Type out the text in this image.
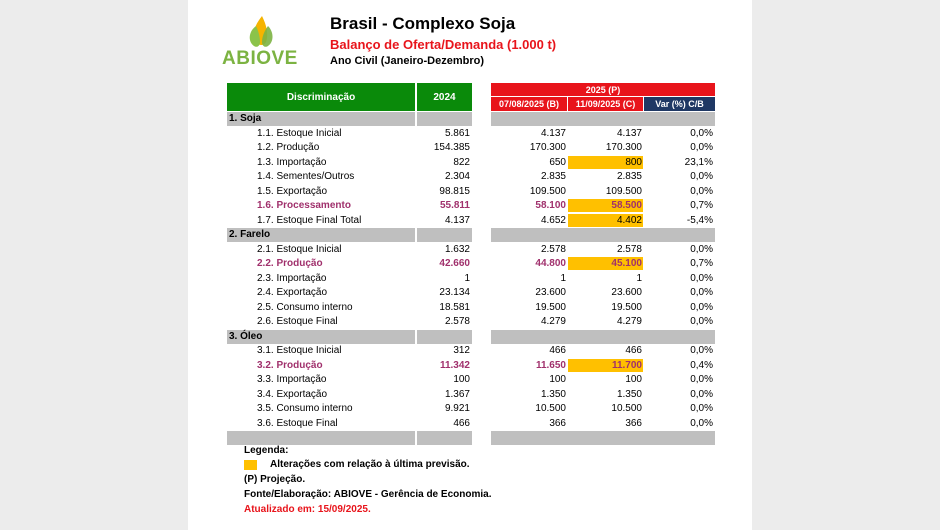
ABIOVE
Brasil - Complexo Soja
Balanço de Oferta/Demanda (1.000 t)
Ano Civil (Janeiro-Dezembro)
Discriminação	2024
2025 (P)
07/08/2025 (B)	11/09/2025 (C)	Var (%) C/B
1. Soja
1.1. Estoque Inicial	5.861	4.137	4.137	0,0%
1.2. Produção	154.385	170.300	170.300	0,0%
1.3. Importação	822	650	800	23,1%
1.4. Sementes/Outros	2.304	2.835	2.835	0,0%
1.5. Exportação	98.815	109.500	109.500	0,0%
1.6. Processamento	55.811	58.100	58.500	0,7%
1.7. Estoque Final Total	4.137	4.652	4.402	-5,4%
2. Farelo
2.1. Estoque Inicial	1.632	2.578	2.578	0,0%
2.2. Produção	42.660	44.800	45.100	0,7%
2.3. Importação	1	1	1	0,0%
2.4. Exportação	23.134	23.600	23.600	0,0%
2.5. Consumo interno	18.581	19.500	19.500	0,0%
2.6. Estoque Final	2.578	4.279	4.279	0,0%
3. Óleo
3.1. Estoque Inicial	312	466	466	0,0%
3.2. Produção	11.342	11.650	11.700	0,4%
3.3. Importação	100	100	100	0,0%
3.4. Exportação	1.367	1.350	1.350	0,0%
3.5. Consumo interno	9.921	10.500	10.500	0,0%
3.6. Estoque Final	466	366	366	0,0%
Legenda:
Alterações com relação à última previsão.
(P) Projeção.
Fonte/Elaboração: ABIOVE - Gerência de Economia.
Atualizado em: 15/09/2025.
